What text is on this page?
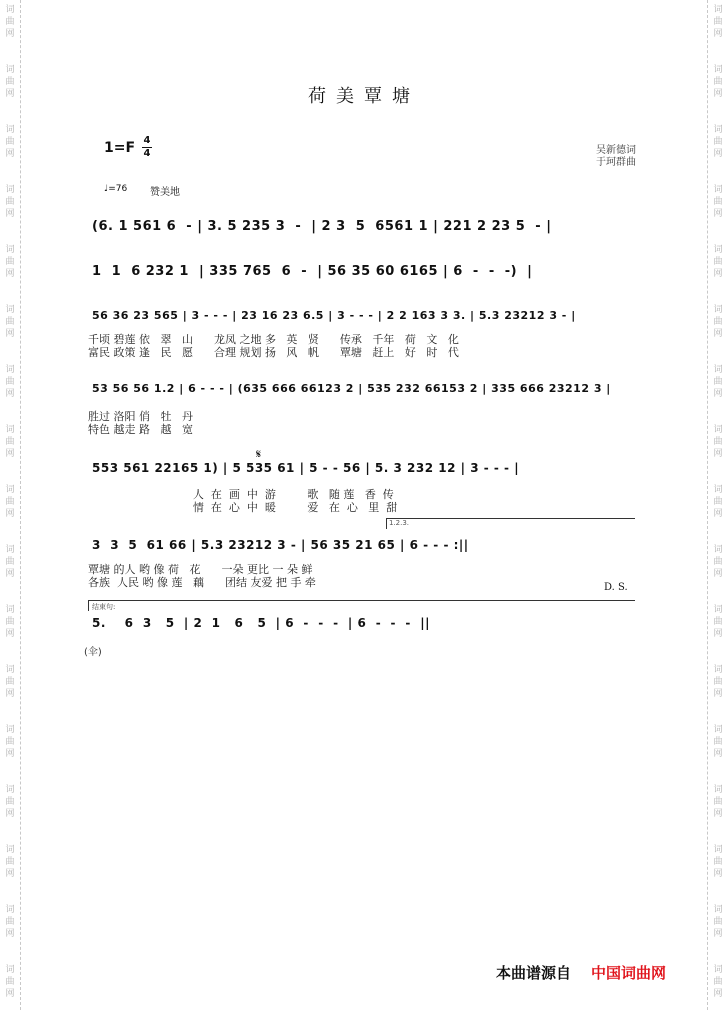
词
曲
网
词
曲
网
词
曲
网
词
曲
网
词
曲
网
词
曲
网
词
曲
网
词
曲
网
词
曲
网
词
曲
网
词
曲
网
词
曲
网
词
曲
网
词
曲
网
词
曲
网
词
曲
网
词
曲
网
词
曲
网
词
曲
网
词
曲
网
词
曲
网
词
曲
网
词
曲
网
词
曲
网
词
曲
网
词
曲
网
词
曲
网
词
曲
网
词
曲
网
词
曲
网
词
曲
网
词
曲
网
词
曲
网
词
曲
网
荷美覃塘
1=F 4
4	吴新德词
于珂群曲
♩=76 赞美地
(6. 1 561 6  - | 3. 5 235 3  -  | 2 3  5  6561 1 | 221 2 23 5  - |
1  1  6 232 1  | 335 765  6  -  | 56 35 60 6165 | 6  -  -  -)  |
56 36 23 565 | 3 - - - | 23 16 23 6.5 | 3 - - - | 2 2 163 3 3. | 5.3 23212 3 - |
千顷 碧莲 依   翠   山      龙凤 之地 多   英   贤      传承   千年   荷   文   化
富民 政策 逢   民   愿      合理 规划 扬   风   帆      覃塘   赶上   好   时   代
53 56 56 1.2 | 6 - - - | (635 666 66123 2 | 535 232 66153 2 | 335 666 23212 3 |
胜过 洛阳 俏   牡   丹
特色 越走 路   越   宽
𝄋
553 561 22165 1) | 5 535 61 | 5 - - 56 | 5. 3 232 12 | 3 - - - |
人  在  画  中  游         歌   随 莲   香  传
情  在  心  中  暖         爱   在  心   里  甜
1.2.3.
3  3  5  61 66 | 5.3 23212 3 - | 56 35 21 65 | 6 - - - :||
覃塘 的人 哟 像 荷   花      一朵 更比 一 朵 鲜
各族  人民 哟 像 莲   藕      团结 友爱 把 手 牵	D. S.
结束句:
5.    6  3   5  | 2  1   6   5  | 6  -  -  -  | 6  -  -  -  ||
(伞)
本曲谱源自 中国词曲网
